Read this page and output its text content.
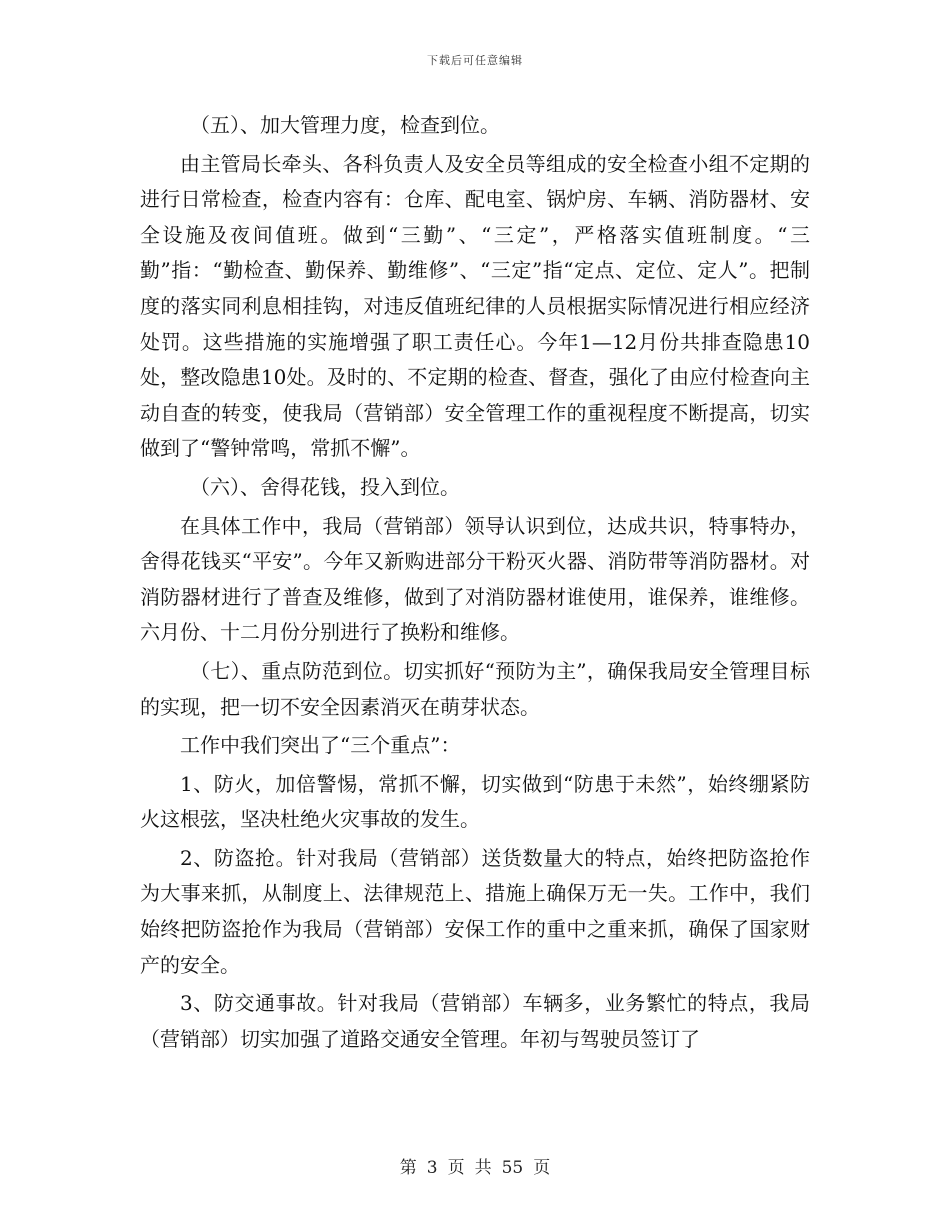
下载后可任意编辑

（五）、加大管理力度，检查到位。

由主管局长牵头、各科负责人及安全员等组成的安全检查小组不定期的进行日常检查，检查内容有：仓库、配电室、锅炉房、车辆、消防器材、安全设施及夜间值班。做到“三勤”、“三定”，严格落实值班制度。“三勤”指：“勤检查、勤保养、勤维修”、“三定”指“定点、定位、定人”。把制度的落实同利息相挂钩，对违反值班纪律的人员根据实际情况进行相应经济处罚。这些措施的实施增强了职工责任心。今年1—12月份共排查隐患10处，整改隐患10处。及时的、不定期的检查、督查，强化了由应付检查向主动自查的转变，使我局（营销部）安全管理工作的重视程度不断提高，切实做到了“警钟常鸣，常抓不懈”。

（六）、舍得花钱，投入到位。

在具体工作中，我局（营销部）领导认识到位，达成共识，特事特办，舍得花钱买“平安”。今年又新购进部分干粉灭火器、消防带等消防器材。对消防器材进行了普查及维修，做到了对消防器材谁使用，谁保养，谁维修。六月份、十二月份分别进行了换粉和维修。

（七）、重点防范到位。切实抓好“预防为主”，确保我局安全管理目标的实现，把一切不安全因素消灭在萌芽状态。

工作中我们突出了“三个重点”：

1、防火，加倍警惕，常抓不懈，切实做到“防患于未然”，始终绷紧防火这根弦，坚决杜绝火灾事故的发生。

2、防盗抢。针对我局（营销部）送货数量大的特点，始终把防盗抢作为大事来抓，从制度上、法律规范上、措施上确保万无一失。工作中，我们始终把防盗抢作为我局（营销部）安保工作的重中之重来抓，确保了国家财产的安全。

3、防交通事故。针对我局（营销部）车辆多，业务繁忙的特点，我局（营销部）切实加强了道路交通安全管理。年初与驾驶员签订了

第 3 页 共 55 页
